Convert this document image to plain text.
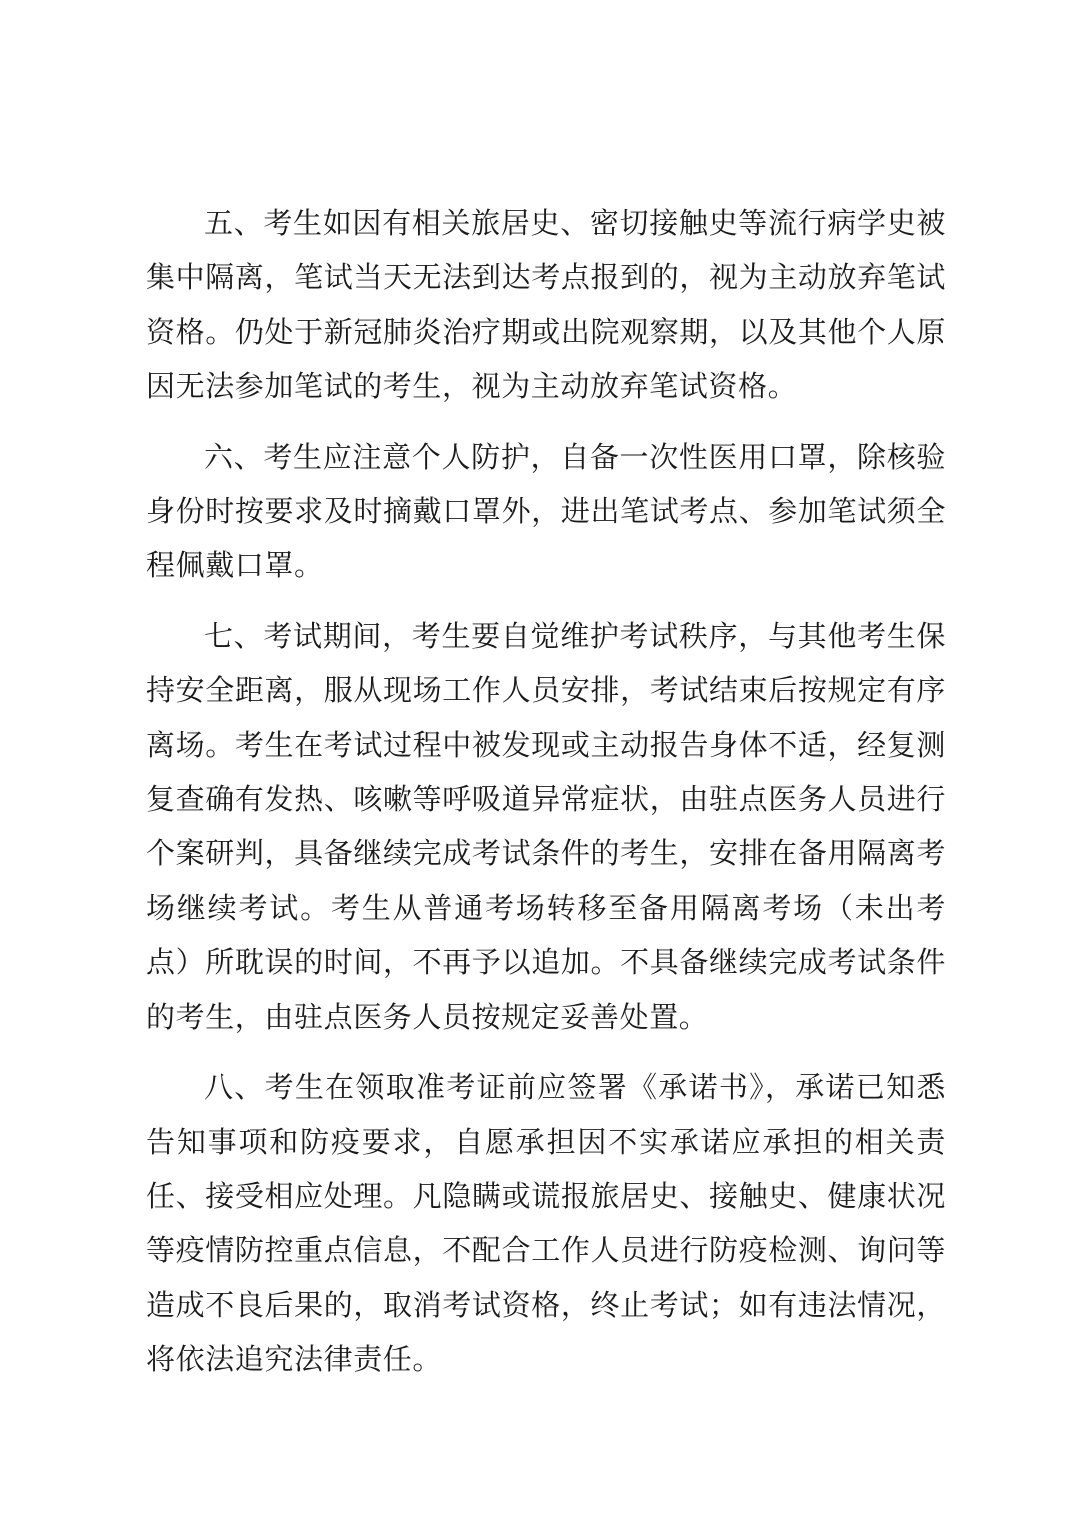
五、考生如因有相关旅居史、密切接触史等流行病学史被集中隔离，笔试当天无法到达考点报到的，视为主动放弃笔试资格。仍处于新冠肺炎治疗期或出院观察期，以及其他个人原因无法参加笔试的考生，视为主动放弃笔试资格。

六、考生应注意个人防护，自备一次性医用口罩，除核验身份时按要求及时摘戴口罩外，进出笔试考点、参加笔试须全程佩戴口罩。

七、考试期间，考生要自觉维护考试秩序，与其他考生保持安全距离，服从现场工作人员安排，考试结束后按规定有序离场。考生在考试过程中被发现或主动报告身体不适，经复测复查确有发热、咳嗽等呼吸道异常症状，由驻点医务人员进行个案研判，具备继续完成考试条件的考生，安排在备用隔离考场继续考试。考生从普通考场转移至备用隔离考场（未出考点）所耽误的时间，不再予以追加。不具备继续完成考试条件的考生，由驻点医务人员按规定妥善处置。

八、考生在领取准考证前应签署《承诺书》，承诺已知悉告知事项和防疫要求，自愿承担因不实承诺应承担的相关责任、接受相应处理。凡隐瞒或谎报旅居史、接触史、健康状况等疫情防控重点信息，不配合工作人员进行防疫检测、询问等造成不良后果的，取消考试资格，终止考试；如有违法情况，将依法追究法律责任。
